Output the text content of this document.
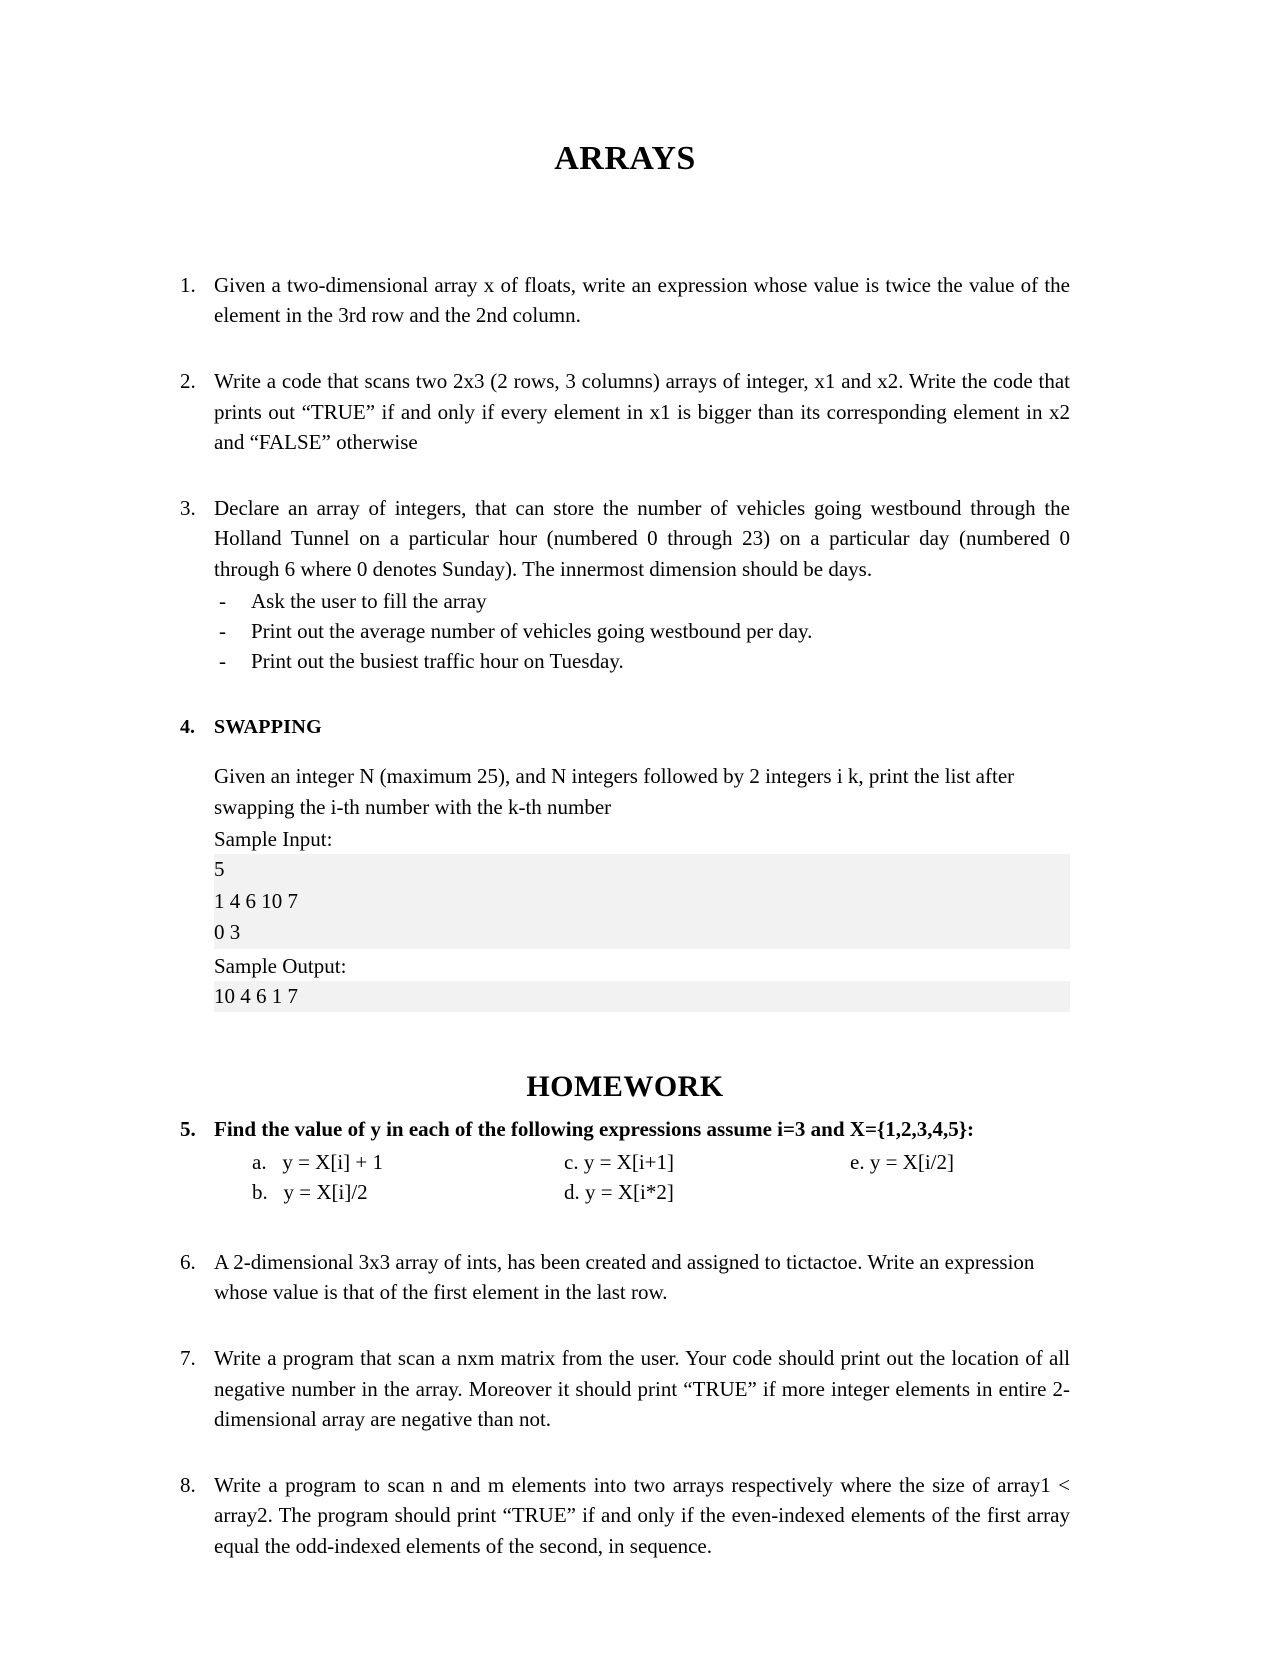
ARRAYS
1. Given a two-dimensional array x of floats, write an expression whose value is twice the value of the element in the 3rd row and the 2nd column.
2. Write a code that scans two 2x3 (2 rows, 3 columns) arrays of integer, x1 and x2. Write the code that prints out “TRUE” if and only if every element in x1 is bigger than its corresponding element in x2 and “FALSE” otherwise
3. Declare an array of integers, that can store the number of vehicles going westbound through the Holland Tunnel on a particular hour (numbered 0 through 23) on a particular day (numbered 0 through 6 where 0 denotes Sunday). The innermost dimension should be days.
-	Ask the user to fill the array
-	Print out the average number of vehicles going westbound per day.
-	Print out the busiest traffic hour on Tuesday.
4. SWAPPING
Given an integer N (maximum 25), and N integers followed by 2 integers i k, print the list after swapping the i-th number with the k-th number
Sample Input:
5
1 4 6 10 7
0 3
Sample Output:
10 4 6 1 7
HOMEWORK
5. Find the value of y in each of the following expressions assume i=3 and X={1,2,3,4,5}:
a.   y = X[i] + 1	c. y = X[i+1]	e. y = X[i/2]
b.   y = X[i]/2	d. y = X[i*2]
6. A 2-dimensional 3x3 array of ints, has been created and assigned to tictactoe. Write an expression whose value is that of the first element in the last row.
7. Write a program that scan a nxm matrix from the user. Your code should print out the location of all negative number in the array. Moreover it should print “TRUE” if more integer elements in entire 2-dimensional array are negative than not.
8. Write a program to scan n and m elements into two arrays respectively where the size of array1 < array2. The program should print “TRUE” if and only if the even-indexed elements of the first array equal the odd-indexed elements of the second, in sequence.
